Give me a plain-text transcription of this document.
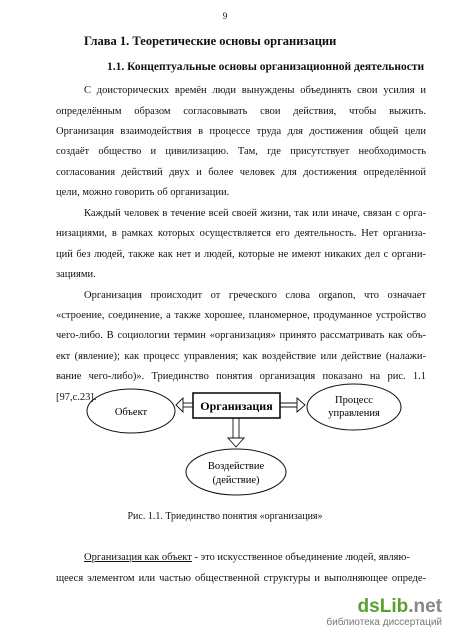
9
Глава 1. Теоретические основы организации
1.1. Концептуальные основы организационной деятельности
С доисторических времён люди вынуждены объединять свои усилия и
определённым образом согласовывать свои действия, чтобы выжить.
Организация взаимодействия в процессе труда для достижения общей цели
создаёт общество и цивилизацию. Там, где присутствует необходимость
согласования действий двух и более человек для достижения определённой
цели, можно говорить об организации.
Каждый человек в течение всей своей жизни, так или иначе, связан с орга-
низациями, в рамках которых осуществляется его деятельность. Нет организа-
ций без людей, также как нет и людей, которые не имеют никаких дел с органи-
зациями.
Организация происходит от греческого слова organon, что означает
«строение, соединение, а также хорошее, планомерное, продуманное устройство
чего-либо. В социологии термин «организация» принято рассматривать как объ-
ект (явление); как процесс управления; как воздействие или действие (налажи-
вание чего-либо)». Триединство понятия организация показано на рис. 1.1
[97,с.23].
Объект	Организация	Процесс
управления
Воздействие
(действие)
Рис. 1.1. Триединство понятия «организация»
Организация как объект - это искусственное объединение людей, являю-
щееся элементом или частью общественной структуры и выполняющее опреде-
dsLib.net
библиотека диссертаций
